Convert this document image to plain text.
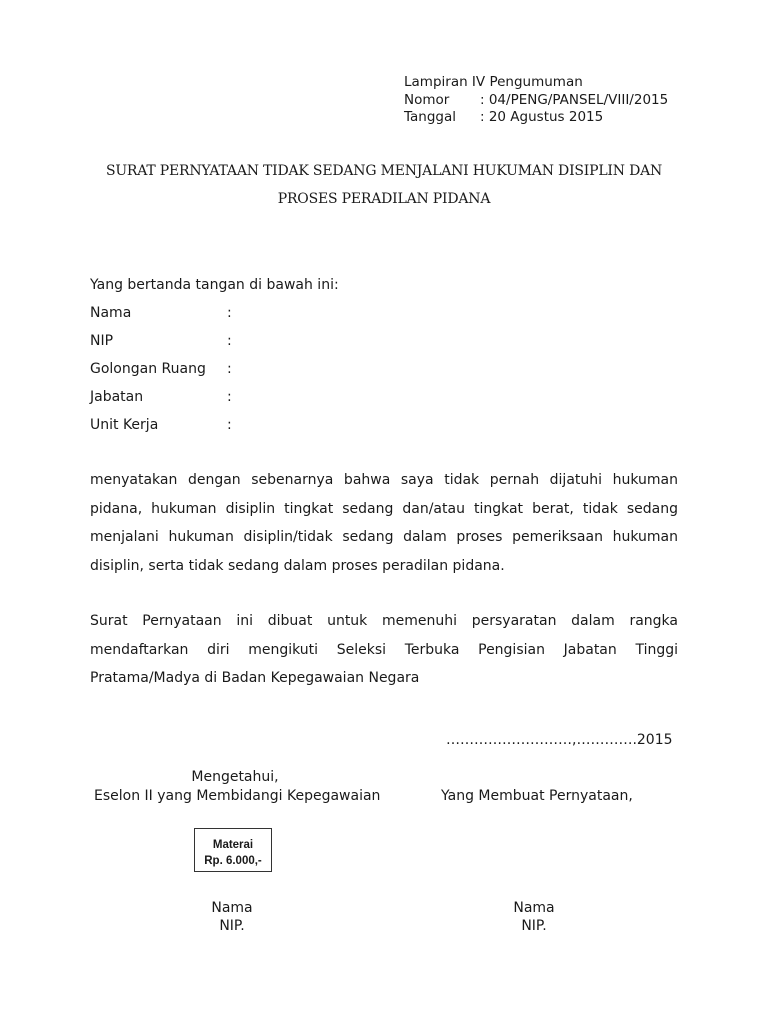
Lampiran IV Pengumuman
Nomor : 04/PENG/PANSEL/VIII/2015
Tanggal : 20 Agustus 2015
SURAT PERNYATAAN TIDAK SEDANG MENJALANI HUKUMAN DISIPLIN DAN
PROSES PERADILAN PIDANA
Yang bertanda tangan di bawah ini:
Nama	:
NIP	:
Golongan Ruang :
Jabatan	:
Unit Kerja	:
menyatakan dengan sebenarnya bahwa saya tidak pernah dijatuhi hukuman pidana, hukuman disiplin tingkat sedang dan/atau tingkat berat, tidak sedang menjalani hukuman disiplin/tidak sedang dalam proses pemeriksaan hukuman disiplin, serta tidak sedang dalam proses peradilan pidana.
Surat Pernyataan ini dibuat untuk memenuhi persyaratan dalam rangka mendaftarkan diri mengikuti Seleksi Terbuka Pengisian Jabatan Tinggi Pratama/Madya di Badan Kepegawaian Negara
………………………,………….2015
Mengetahui,
Eselon II yang Membidangi Kepegawaian
Materai
Rp. 6.000,-
Nama
NIP.
Yang Membuat Pernyataan,
Nama
NIP.
